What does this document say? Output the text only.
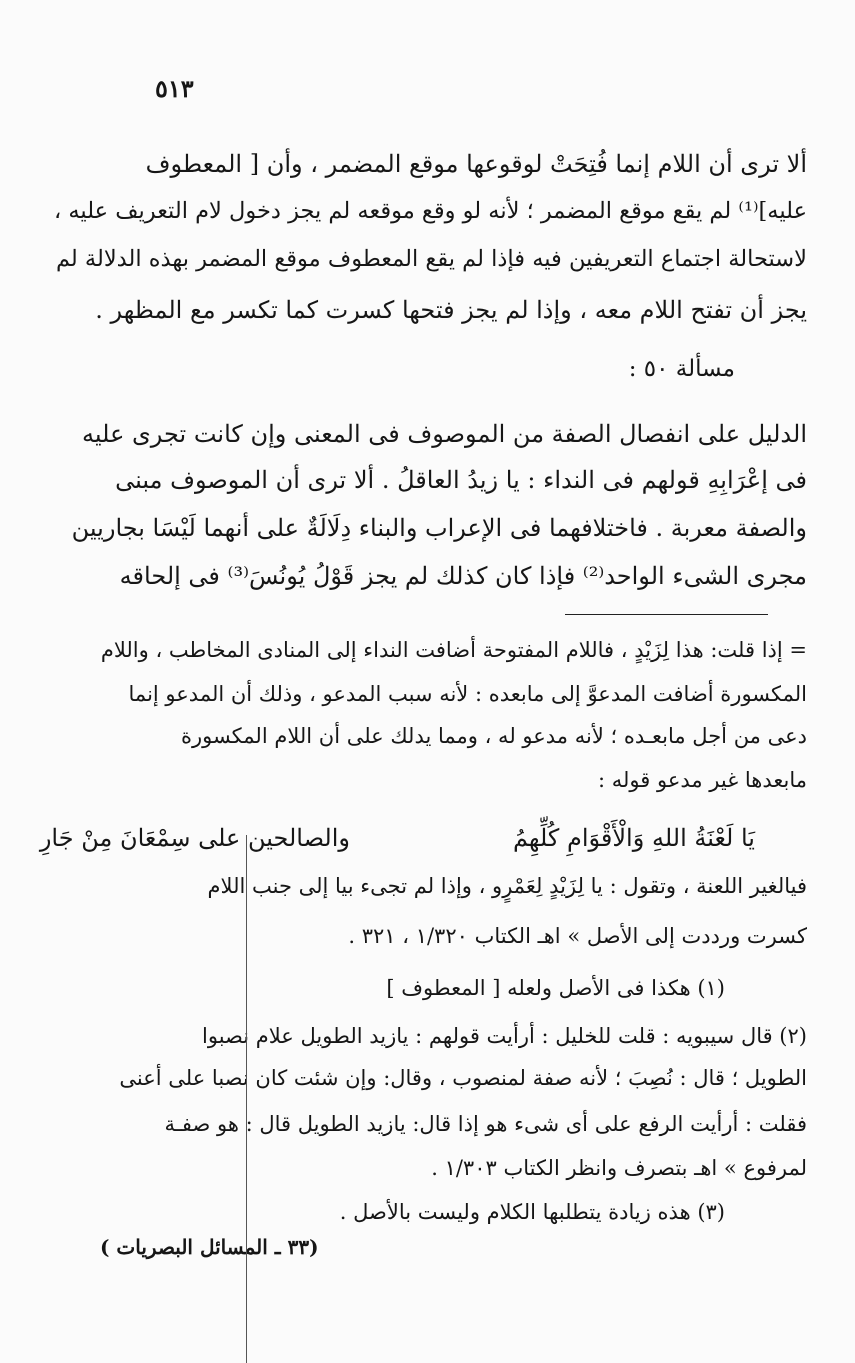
٥١٣
ألا ترى أن اللام إنما فُتِحَتْ لوقوعها موقع المضمر ، وأن [ المعطوف
عليه]⁽¹⁾ لم يقع موقع المضمر ؛ لأنه لو وقع موقعه لم يجز دخول لام التعريف عليه ،
لاستحالة اجتماع التعريفين فيه فإذا لم يقع المعطوف موقع المضمر بهذه الدلالة لم
يجز أن تفتح اللام معه ، وإذا لم يجز فتحها كسرت كما تكسر مع المظهر .
مسألة ٥٠ :
الدليل على انفصال الصفة من الموصوف فى المعنى وإن كانت تجرى عليه
فى إعْرَابِهِ قولهم فى النداء : يا زيدُ العاقلُ . ألا ترى أن الموصوف مبنى
والصفة معربة . فاختلافهما فى الإعراب والبناء دِلَالَةٌ على أنهما لَيْسَا بجاريين
مجرى الشىء الواحد⁽²⁾ فإذا كان كذلك لم يجز قَوْلُ يُونُسَ⁽³⁾ فى إلحاقه
= إذا قلت: هذا لِزَيْدٍ ، فاللام المفتوحة أضافت النداء إلى المنادى المخاطب ، واللام
المكسورة أضافت المدعوَّ إلى مابعده : لأنه سبب المدعو ، وذلك أن المدعو إنما
دعى من أجل مابعـده ؛ لأنه مدعو له ، ومما يدلك على أن اللام المكسورة
مابعدها غير مدعو قوله :
يَا لَعْنَةُ اللهِ وَالْأَقْوَامِ كُلِّهِمُ
والصالحين على سِمْعَانَ مِنْ جَارِ
فيالغير اللعنة ، وتقول : يا لِزَيْدٍ لِعَمْرٍو ، وإذا لم تجىء بيا إلى جنب اللام
كسرت ورددت إلى الأصل » اهـ الكتاب ١/٣٢٠ ، ٣٢١ .
(١) هكذا فى الأصل ولعله [ المعطوف ]
(٢) قال سيبويه : قلت للخليل : أرأيت قولهم : يازيد الطويل علام نصبوا
الطويل ؛ قال : نُصِبَ ؛ لأنه صفة لمنصوب ، وقال: وإن شئت كان نصبا على أعنى
فقلت : أرأيت الرفع على أى شىء هو إذا قال: يازيد الطويل قال : هو صفـة
لمرفوع » اهـ بتصرف وانظر الكتاب ١/٣٠٣ .
(٣) هذه زيادة يتطلبها الكلام وليست بالأصل .
(٣٣ ـ المسائل البصريات )
